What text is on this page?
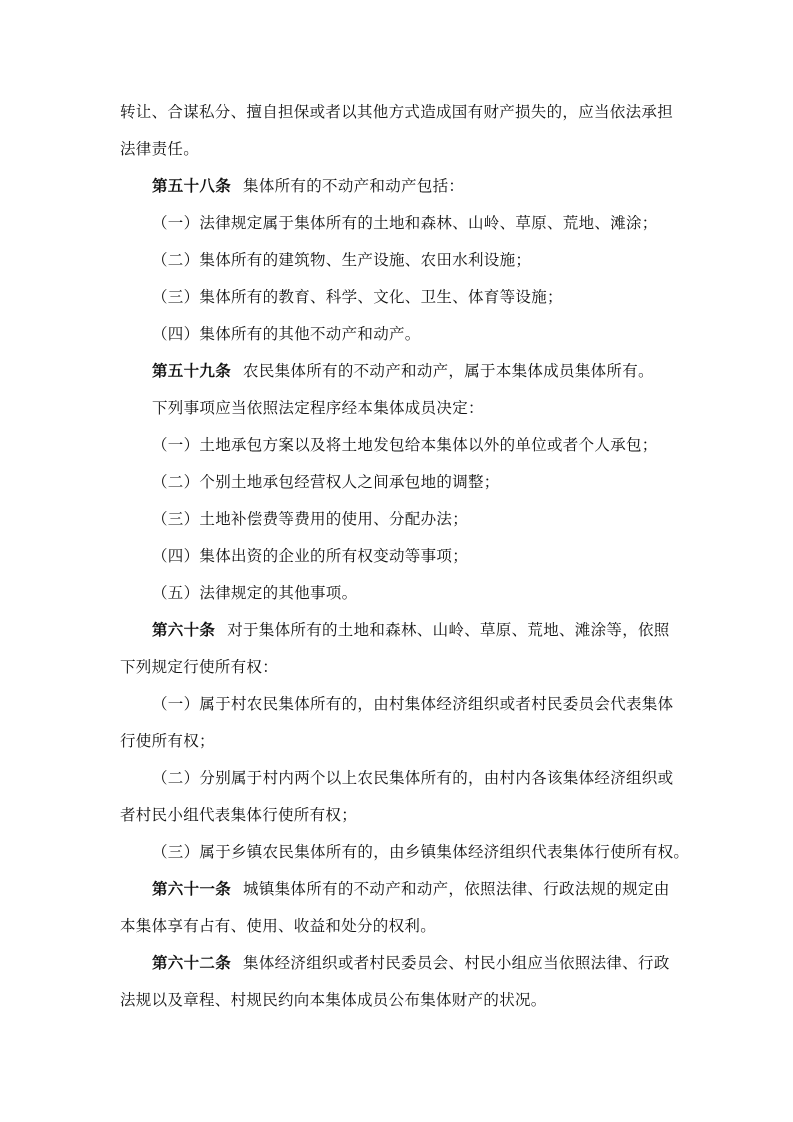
转让、合谋私分、擅自担保或者以其他方式造成国有财产损失的，应当依法承担
法律责任。
第五十八条 集体所有的不动产和动产包括：
（一）法律规定属于集体所有的土地和森林、山岭、草原、荒地、滩涂；
（二）集体所有的建筑物、生产设施、农田水利设施；
（三）集体所有的教育、科学、文化、卫生、体育等设施；
（四）集体所有的其他不动产和动产。
第五十九条 农民集体所有的不动产和动产，属于本集体成员集体所有。
下列事项应当依照法定程序经本集体成员决定：
（一）土地承包方案以及将土地发包给本集体以外的单位或者个人承包；
（二）个别土地承包经营权人之间承包地的调整；
（三）土地补偿费等费用的使用、分配办法；
（四）集体出资的企业的所有权变动等事项；
（五）法律规定的其他事项。
第六十条 对于集体所有的土地和森林、山岭、草原、荒地、滩涂等，依照
下列规定行使所有权：
（一）属于村农民集体所有的，由村集体经济组织或者村民委员会代表集体
行使所有权；
（二）分别属于村内两个以上农民集体所有的，由村内各该集体经济组织或
者村民小组代表集体行使所有权；
（三）属于乡镇农民集体所有的，由乡镇集体经济组织代表集体行使所有权。
第六十一条 城镇集体所有的不动产和动产，依照法律、行政法规的规定由
本集体享有占有、使用、收益和处分的权利。
第六十二条 集体经济组织或者村民委员会、村民小组应当依照法律、行政
法规以及章程、村规民约向本集体成员公布集体财产的状况。
